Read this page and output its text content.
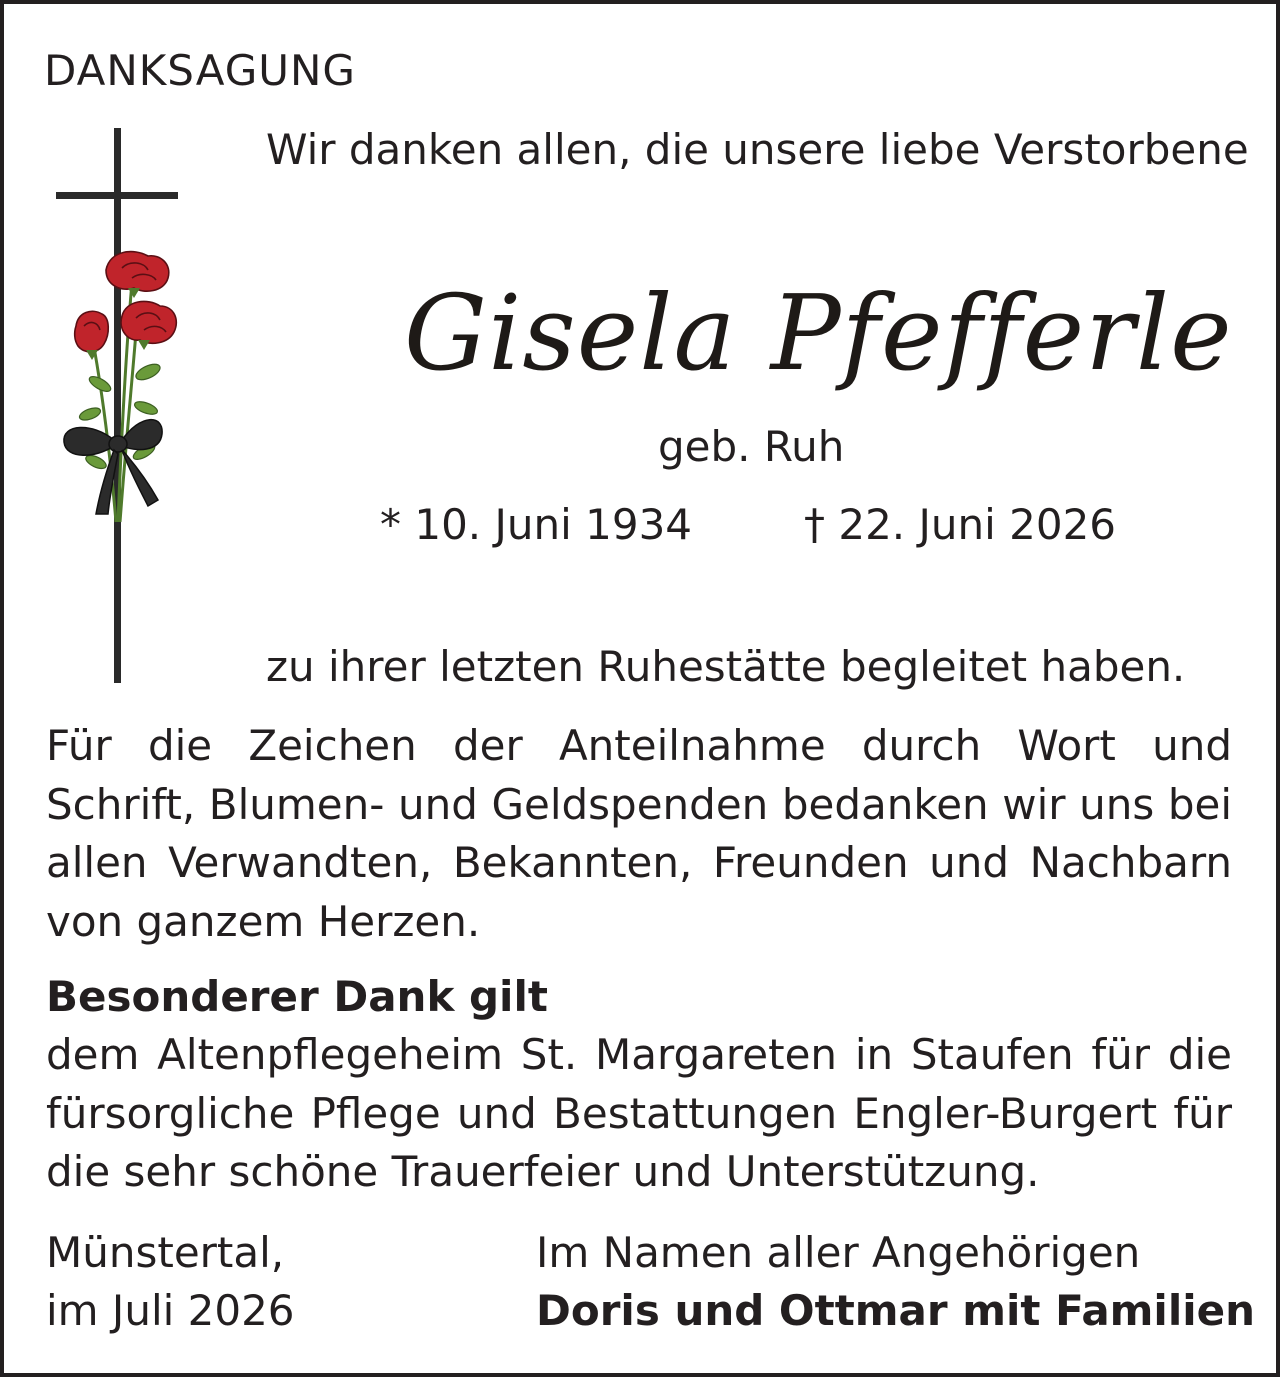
DANKSAGUNG
Wir danken allen, die unsere liebe Verstorbene
Gisela Pfefferle
geb. Ruh
* 10. Juni 1934	† 22. Juni 2026
zu ihrer letzten Ruhestätte begleitet haben.
Für die Zeichen der Anteilnahme durch Wort und Schrift, Blumen- und Geldspenden bedanken wir uns bei allen Verwandten, Bekannten, Freunden und Nachbarn von ganzem Herzen.
Besonderer Dank gilt
dem Altenpflegeheim St. Margareten in Staufen für die fürsorgliche Pflege und Bestattungen Engler-Burgert für die sehr schöne Trauerfeier und Unterstützung.
Münstertal,
im Juli 2026
Im Namen aller Angehörigen
Doris und Ottmar mit Familien
